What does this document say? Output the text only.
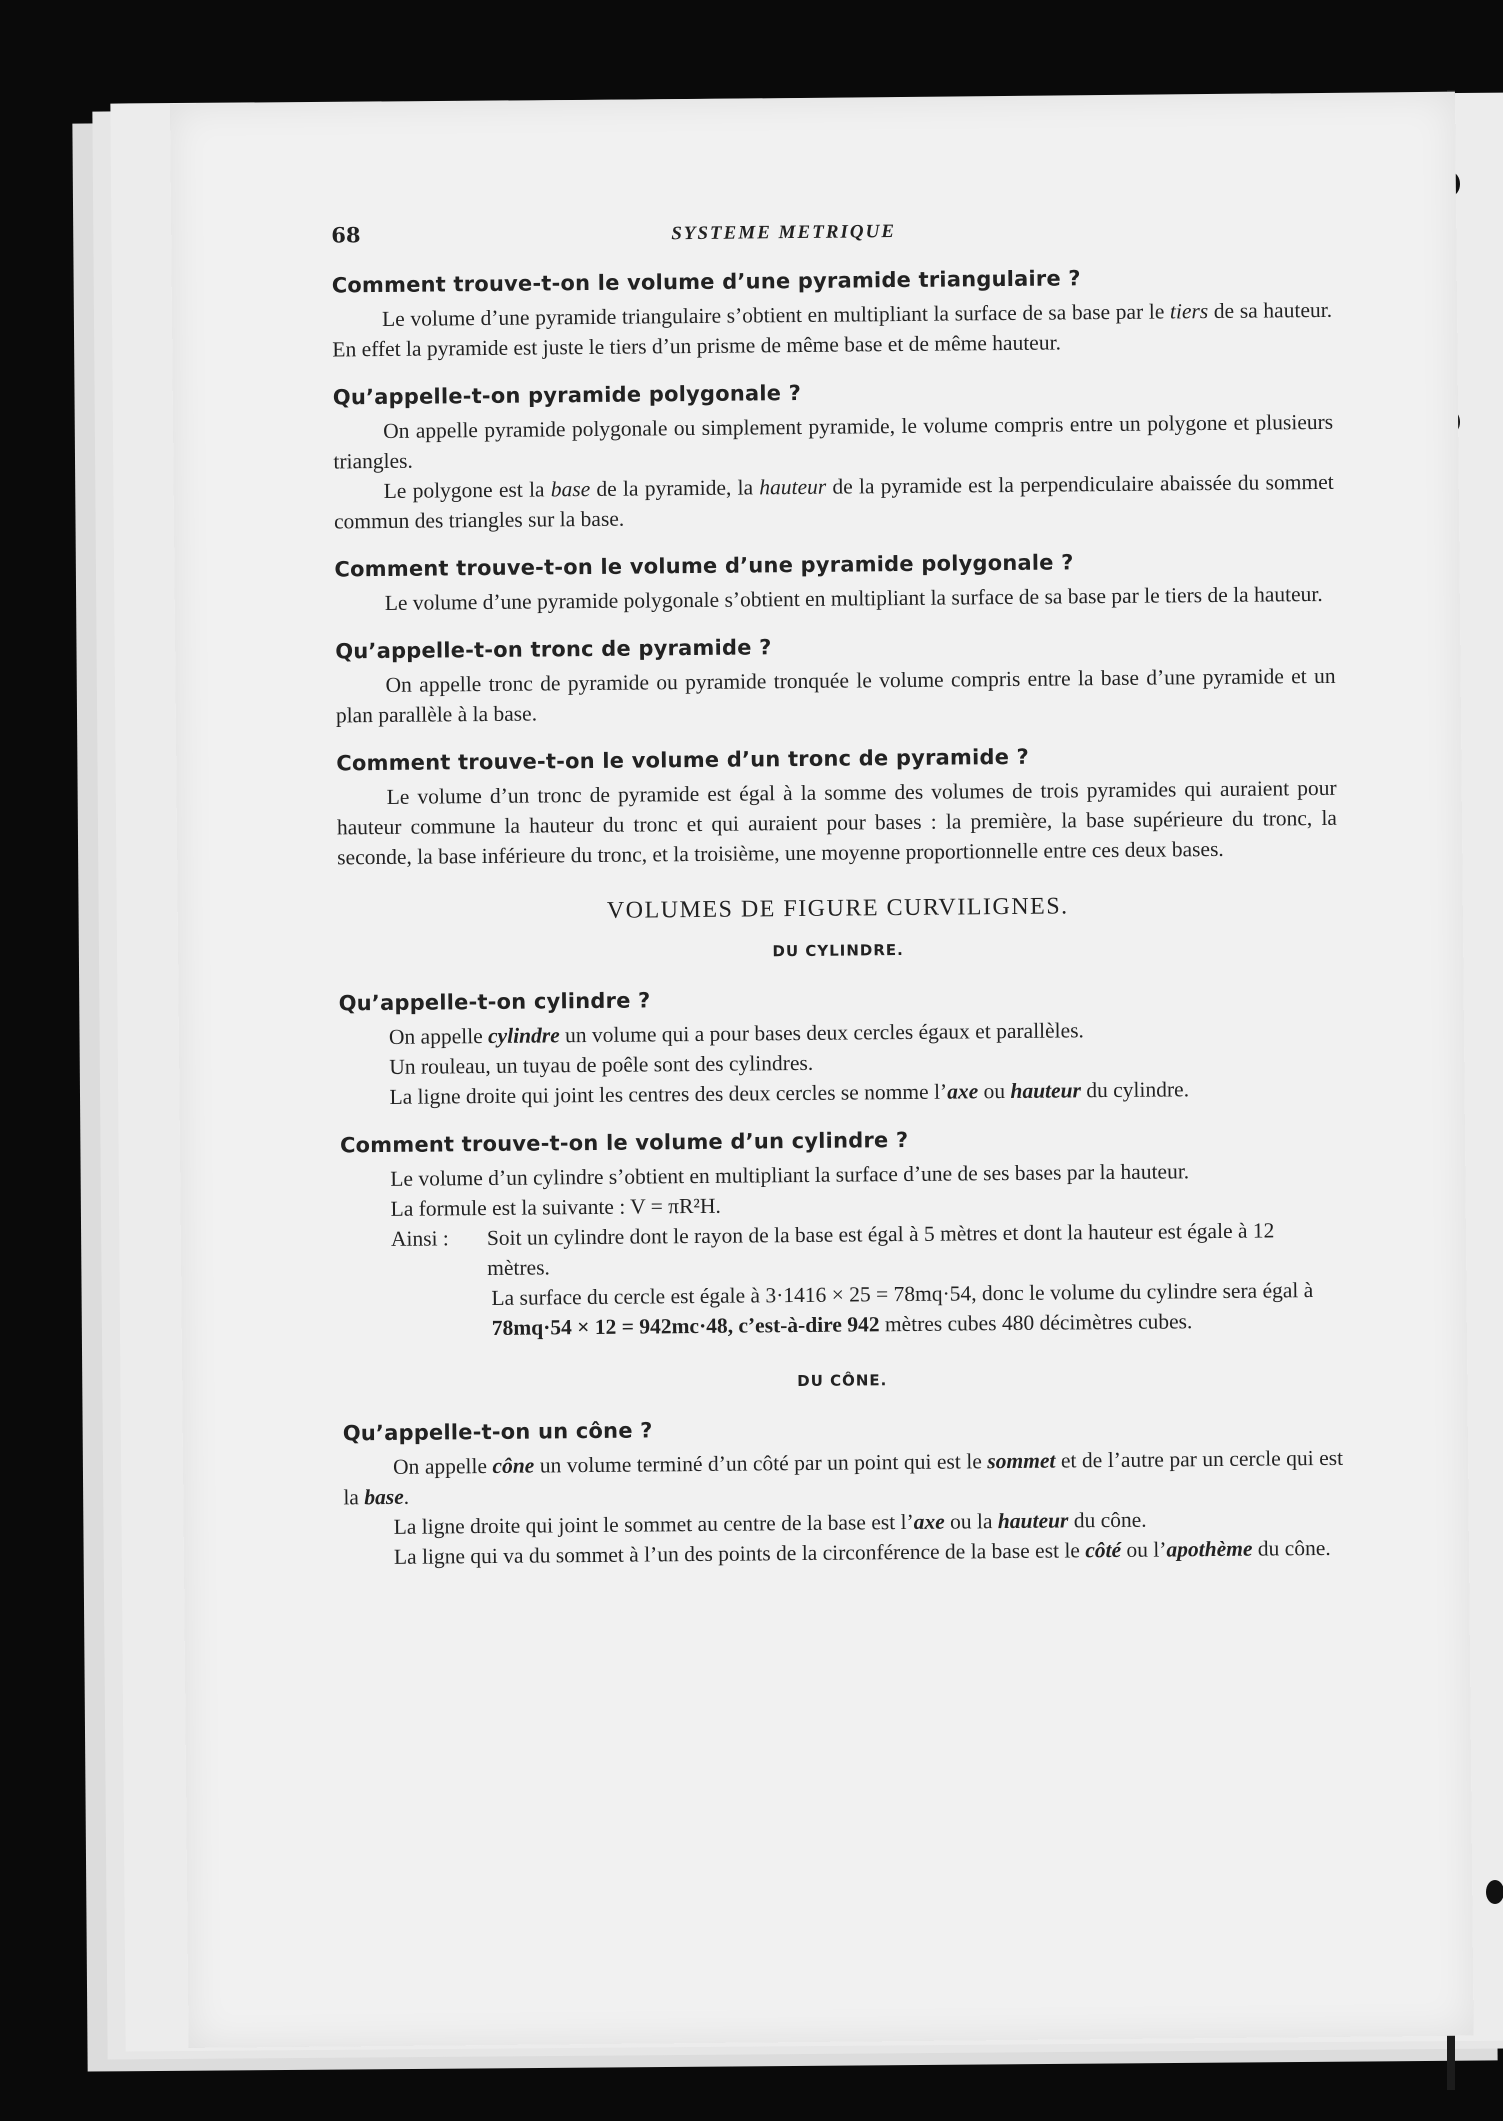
68	SYSTEME METRIQUE
Comment trouve-t-on le volume d’une pyramide triangulaire ?

Le volume d’une pyramide triangulaire s’obtient en multipliant la surface de sa base par le tiers de sa hauteur. En effet la pyramide est juste le tiers d’un prisme de même base et de même hauteur.

Qu’appelle-t-on pyramide polygonale ?

On appelle pyramide polygonale ou simplement pyramide, le volume compris entre un polygone et plusieurs triangles.

Le polygone est la base de la pyramide, la hauteur de la pyramide est la perpendiculaire abaissée du sommet commun des triangles sur la base.

Comment trouve-t-on le volume d’une pyramide polygonale ?

Le volume d’une pyramide polygonale s’obtient en multipliant la surface de sa base par le tiers de la hauteur.

Qu’appelle-t-on tronc de pyramide ?

On appelle tronc de pyramide ou pyramide tronquée le volume compris entre la base d’une pyramide et un plan parallèle à la base.

Comment trouve-t-on le volume d’un tronc de pyramide ?

Le volume d’un tronc de pyramide est égal à la somme des volumes de trois pyramides qui auraient pour hauteur commune la hauteur du tronc et qui auraient pour bases : la première, la base supérieure du tronc, la seconde, la base inférieure du tronc, et la troisième, une moyenne proportionnelle entre ces deux bases.

VOLUMES DE FIGURE CURVILIGNES.
DU CYLINDRE.
Qu’appelle-t-on cylindre ?

On appelle cylindre un volume qui a pour bases deux cercles égaux et parallèles.

Un rouleau, un tuyau de poêle sont des cylindres.

La ligne droite qui joint les centres des deux cercles se nomme l’axe ou hauteur du cylindre.

Comment trouve-t-on le volume d’un cylindre ?

Le volume d’un cylindre s’obtient en multipliant la surface d’une de ses bases par la hauteur.

La formule est la suivante : V = πR²H.

Ainsi :	Soit un cylindre dont le rayon de la base est égal à 5 mètres et dont la hauteur est égale à 12 mètres.
La surface du cercle est égale à 3·1416 × 25 = 78mq·54, donc le volume du cylindre sera égal à 78mq·54 × 12 = 942mc·48, c’est-à-dire 942 mètres cubes 480 décimètres cubes.
DU CÔNE.
Qu’appelle-t-on un cône ?

On appelle cône un volume terminé d’un côté par un point qui est le sommet et de l’autre par un cercle qui est la base.

La ligne droite qui joint le sommet au centre de la base est l’axe ou la hauteur du cône.

La ligne qui va du sommet à l’un des points de la circonférence de la base est le côté ou l’apothème du cône.
